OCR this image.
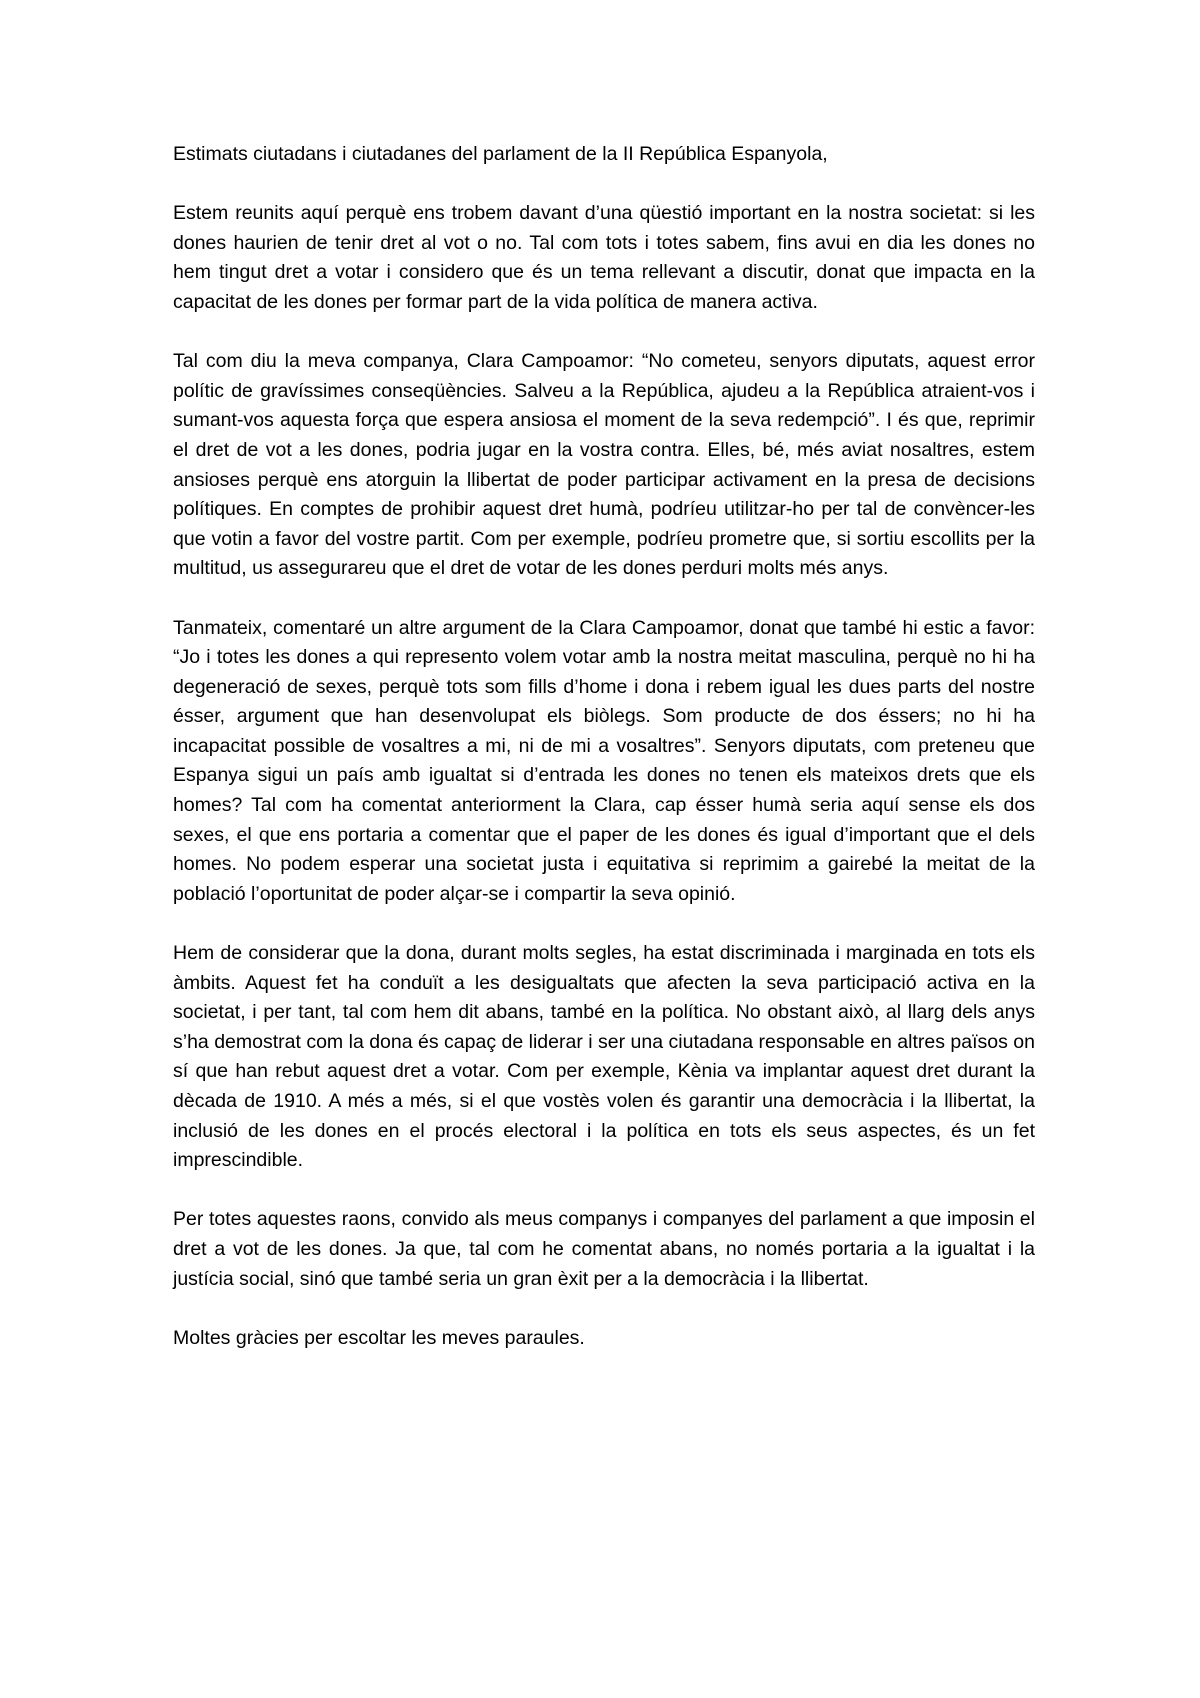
Estimats ciutadans i ciutadanes del parlament de la II República Espanyola,

Estem reunits aquí perquè ens trobem davant d’una qüestió important en la nostra societat: si les dones haurien de tenir dret al vot o no. Tal com tots i totes sabem, fins avui en dia les dones no hem tingut dret a votar i considero que és un tema rellevant a discutir, donat que impacta en la capacitat de les dones per formar part de la vida política de manera activa.

Tal com diu la meva companya, Clara Campoamor: “No cometeu, senyors diputats, aquest error polític de gravíssimes conseqüències. Salveu a la República, ajudeu a la República atraient-vos i sumant-vos aquesta força que espera ansiosa el moment de la seva redempció”. I és que, reprimir el dret de vot a les dones, podria jugar en la vostra contra. Elles, bé, més aviat nosaltres, estem ansioses perquè ens atorguin la llibertat de poder participar activament en la presa de decisions polítiques. En comptes de prohibir aquest dret humà, podríeu utilitzar-ho per tal de convèncer-les que votin a favor del vostre partit. Com per exemple, podríeu prometre que, si sortiu escollits per la multitud, us assegurareu que el dret de votar de les dones perduri molts més anys.

Tanmateix, comentaré un altre argument de la Clara Campoamor, donat que també hi estic a favor: “Jo i totes les dones a qui represento volem votar amb la nostra meitat masculina, perquè no hi ha degeneració de sexes, perquè tots som fills d’home i dona i rebem igual les dues parts del nostre ésser, argument que han desenvolupat els biòlegs. Som producte de dos éssers; no hi ha incapacitat possible de vosaltres a mi, ni de mi a vosaltres”. Senyors diputats, com preteneu que Espanya sigui un país amb igualtat si d’entrada les dones no tenen els mateixos drets que els homes? Tal com ha comentat anteriorment la Clara, cap ésser humà seria aquí sense els dos sexes, el que ens portaria a comentar que el paper de les dones és igual d’important que el dels homes. No podem esperar una societat justa i equitativa si reprimim a gairebé la meitat de la població l’oportunitat de poder alçar-se i compartir la seva opinió.

Hem de considerar que la dona, durant molts segles, ha estat discriminada i marginada en tots els àmbits. Aquest fet ha conduït a les desigualtats que afecten la seva participació activa en la societat, i per tant, tal com hem dit abans, també en la política. No obstant això, al llarg dels anys s’ha demostrat com la dona és capaç de liderar i ser una ciutadana responsable en altres països on sí que han rebut aquest dret a votar. Com per exemple, Kènia va implantar aquest dret durant la dècada de 1910. A més a més, si el que vostès volen és garantir una democràcia i la llibertat, la inclusió de les dones en el procés electoral i la política en tots els seus aspectes, és un fet imprescindible.

Per totes aquestes raons, convido als meus companys i companyes del parlament a que imposin el dret a vot de les dones. Ja que, tal com he comentat abans, no només portaria a la igualtat i la justícia social, sinó que també seria un gran èxit per a la democràcia i la llibertat.

Moltes gràcies per escoltar les meves paraules.
